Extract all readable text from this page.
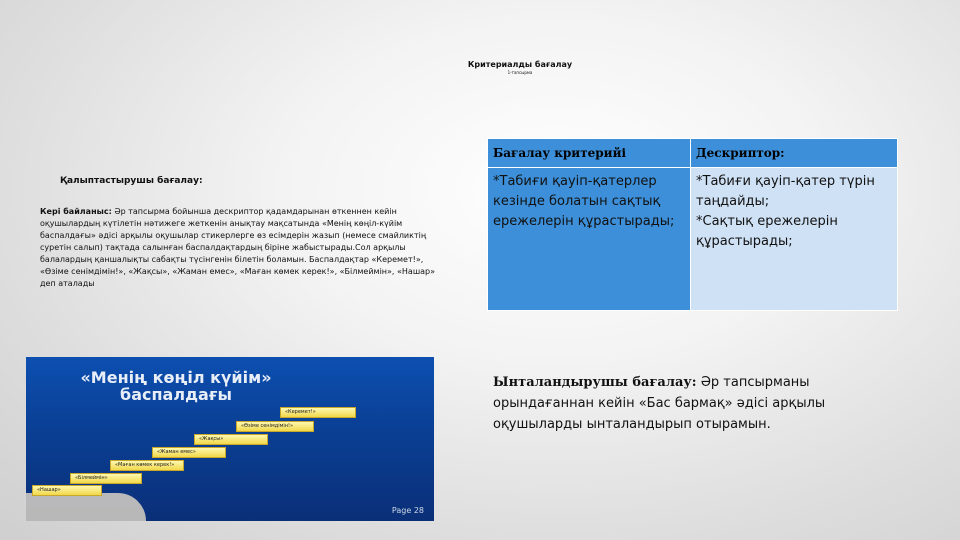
Критериалды бағалау
1-тапсырма
Қалыптастырушы бағалау:
Кері байланыс: Әр тапсырма бойынша дескриптор қадамдарынан өткеннен кейін оқушылардың күтілетін нәтижеге жеткенін анықтау мақсатында «Менің көңіл-күйім баспалдағы» әдісі арқылы оқушылар стикерлерге өз есімдерін жазып (немесе смайликтің суретін салып) тақтада салынған баспалдақтардың біріне жабыстырады.Сол арқылы балалардың қаншалықты сабақты түсінгенін білетін боламын. Баспалдақтар «Керемет!», «Өзіме сенімдімін!», «Жақсы», «Жаман емес», «Маған көмек керек!», «Білмеймін», «Нашар» деп аталады
Бағалау критерийі	Дескриптор:
*Табиғи қауіп-қатерлер кезінде болатын сақтық ережелерін құрастырады;	*Табиғи қауіп-қатер түрін таңдайды;
*Сақтық ережелерін құрастырады;
Ынталандырушы бағалау: Әр тапсырманы орындағаннан кейін «Бас бармақ» әдісі арқылы оқушыларды ынталандырып отырамын.
«Менің көңіл күйім»
баспалдағы
«Нашар»
«Білмеймін»
«Маған көмек керек!»
«Жаман емес»
«Жақсы»
«Өзіме сенімдімін!»
«Керемет!»
Page 28
